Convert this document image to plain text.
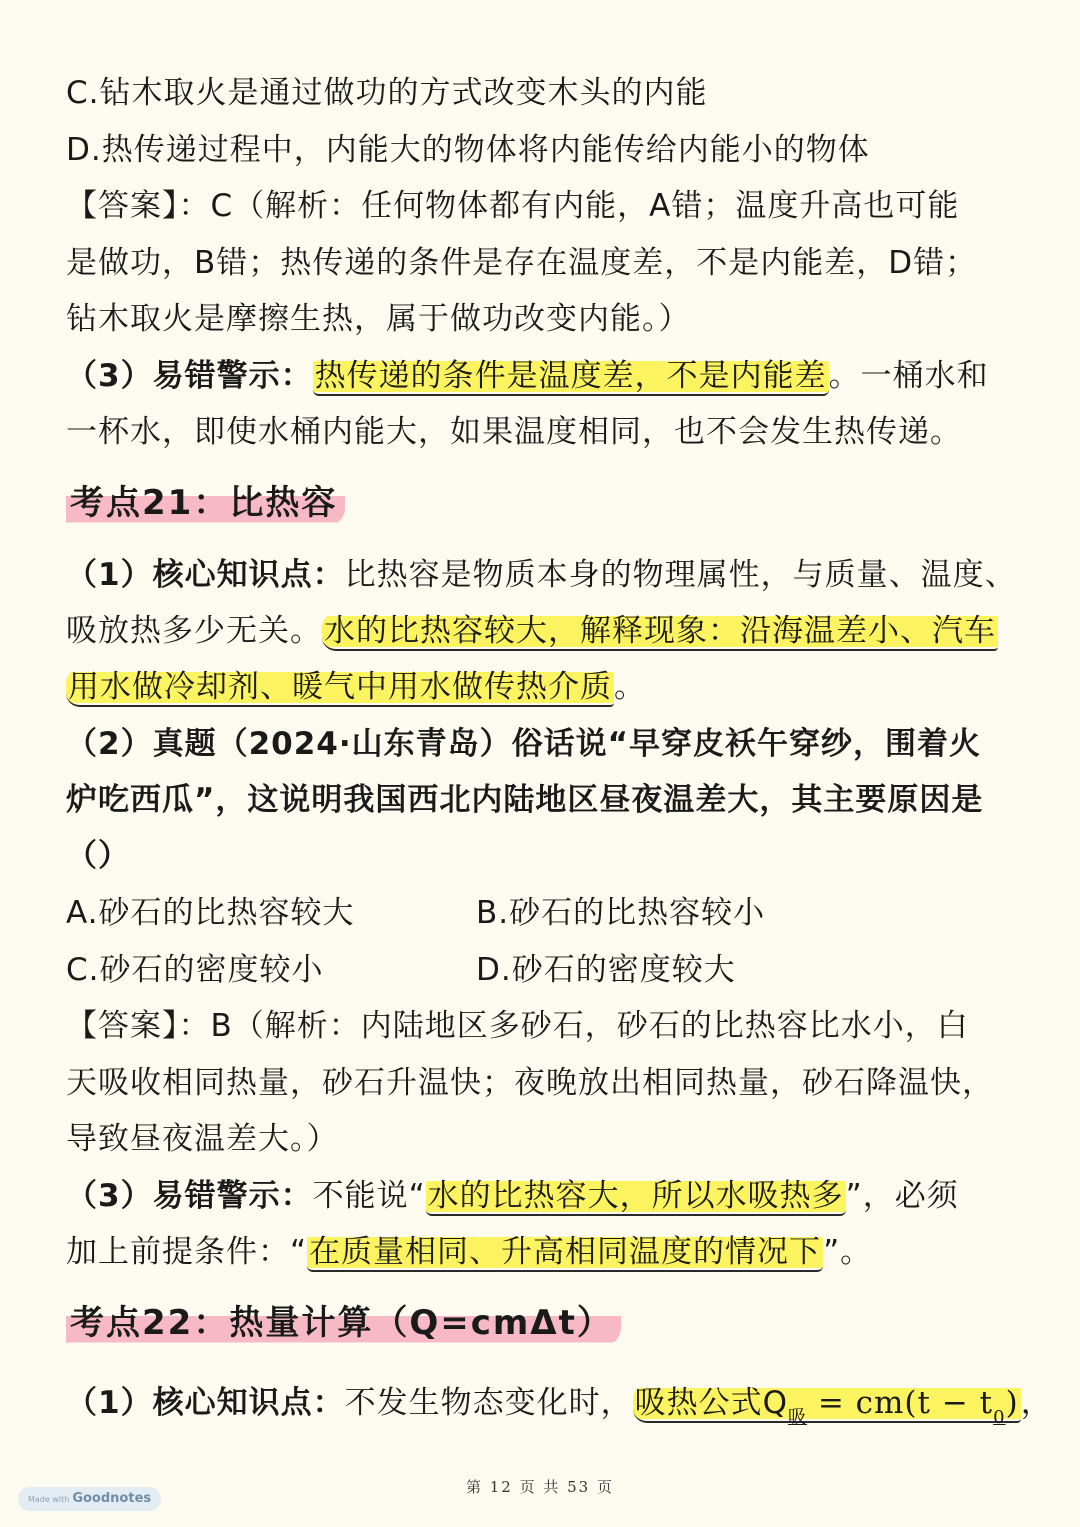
C.钻木取火是通过做功的方式改变木头的内能
D.热传递过程中，内能大的物体将内能传给内能小的物体
【答案】：C（解析：任何物体都有内能，A错；温度升高也可能
是做功，B错；热传递的条件是存在温度差，不是内能差，D错；
钻木取火是摩擦生热，属于做功改变内能。）
（3）易错警示：热传递的条件是温度差，不是内能差。一桶水和
一杯水，即使水桶内能大，如果温度相同，也不会发生热传递。
考点21：比热容
（1）核心知识点：比热容是物质本身的物理属性，与质量、温度、
吸放热多少无关。水的比热容较大，解释现象：沿海温差小、汽车
用水做冷却剂、暖气中用水做传热介质。
（2）真题（2024·山东青岛）俗话说“早穿皮袄午穿纱，围着火
炉吃西瓜”，这说明我国西北内陆地区昼夜温差大，其主要原因是
（）
A.砂石的比热容较大	B.砂石的比热容较小
C.砂石的密度较小	D.砂石的密度较大
【答案】：B（解析：内陆地区多砂石，砂石的比热容比水小，白
天吸收相同热量，砂石升温快；夜晚放出相同热量，砂石降温快，
导致昼夜温差大。）
（3）易错警示：不能说“水的比热容大，所以水吸热多”，必须
加上前提条件：“在质量相同、升高相同温度的情况下”。
考点22：热量计算（Q=cmΔt）
（1）核心知识点：不发生物态变化时，吸热公式$Q_吸 = cm(t - t_0)$，
第 12 页 共 53 页
Made with Goodnotes
